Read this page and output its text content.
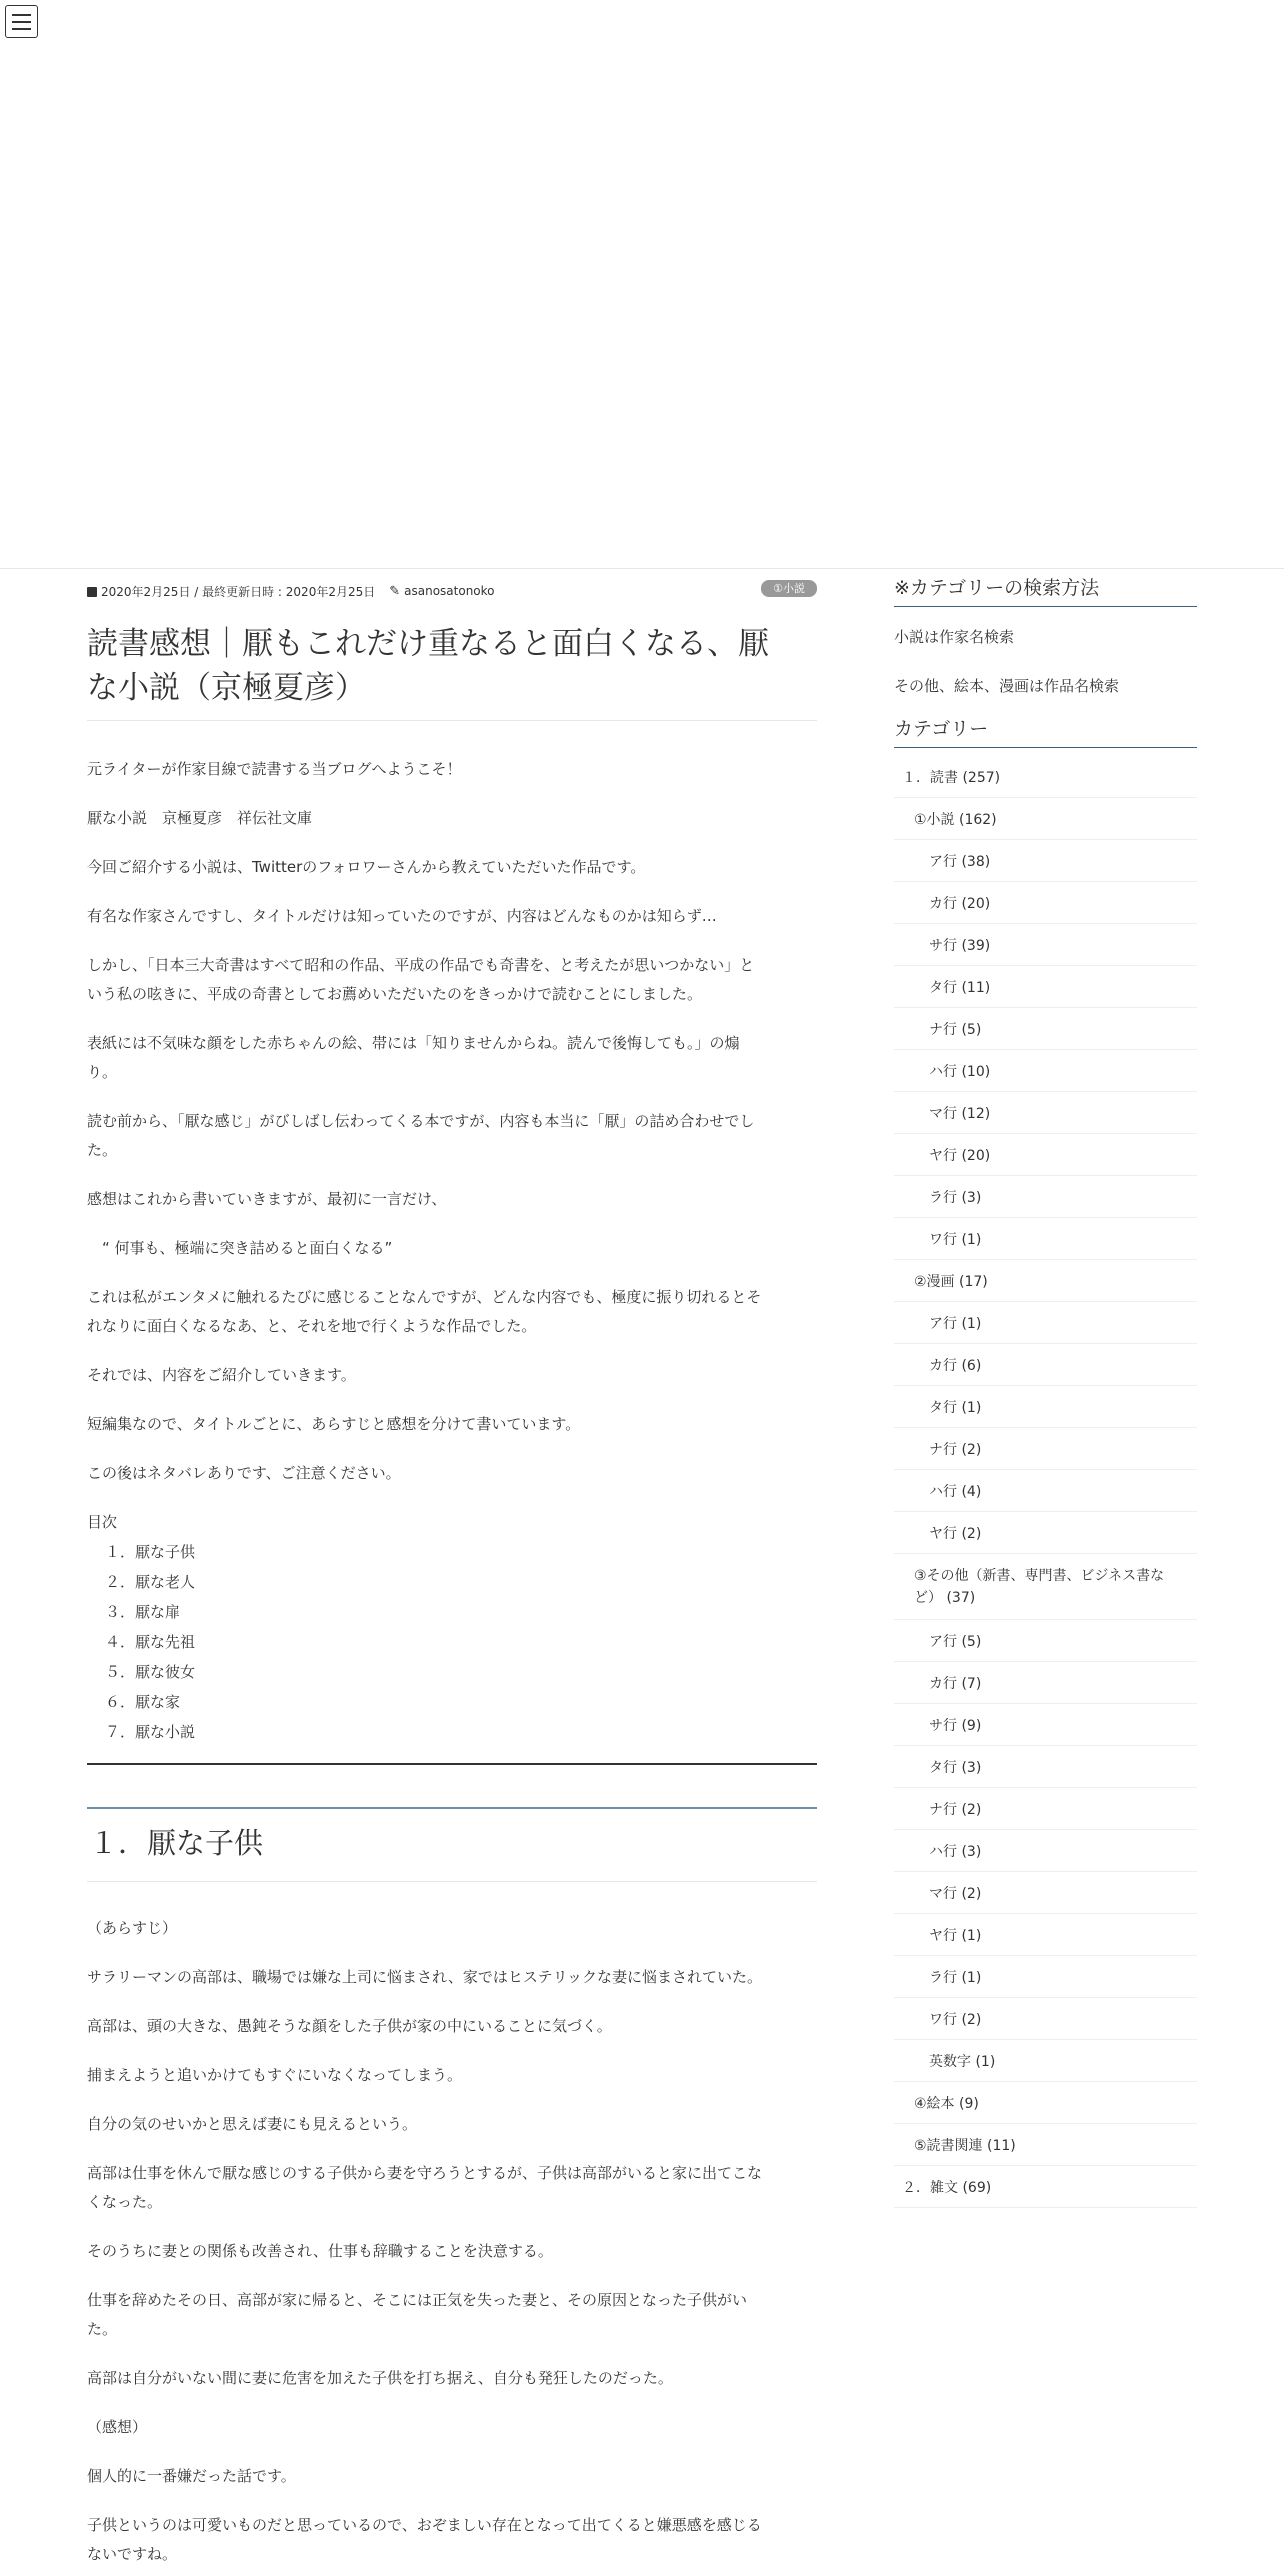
2020年2月25日 / 最終更新日時 : 2020年2月25日 ✎ asanosatonoko	①小説
読書感想｜厭もこれだけ重なると面白くなる、厭
な小説（京極夏彦）

元ライターが作家目線で読書する当ブログへようこそ！

厭な小説　京極夏彦　祥伝社文庫

今回ご紹介する小説は、Twitterのフォロワーさんから教えていただいた作品です。

有名な作家さんですし、タイトルだけは知っていたのですが、内容はどんなものかは知らず…

しかし、「日本三大奇書はすべて昭和の作品、平成の作品でも奇書を、と考えたが思いつかない」と
いう私の呟きに、平成の奇書としてお薦めいただいたのをきっかけで読むことにしました。

表紙には不気味な顔をした赤ちゃんの絵、帯には「知りませんからね。読んで後悔しても。」の煽
り。

読む前から、「厭な感じ」がびしばし伝わってくる本ですが、内容も本当に「厭」の詰め合わせでし
た。

感想はこれから書いていきますが、最初に一言だけ、

　“ 何事も、極端に突き詰めると面白くなる”

これは私がエンタメに触れるたびに感じることなんですが、どんな内容でも、極度に振り切れるとそ
れなりに面白くなるなあ、と、それを地で行くような作品でした。

それでは、内容をご紹介していきます。

短編集なので、タイトルごとに、あらすじと感想を分けて書いています。

この後はネタバレありです、ご注意ください。

目次
１．厭な子供
２．厭な老人
３．厭な扉
４．厭な先祖
５．厭な彼女
６．厭な家
７．厭な小説
１．厭な子供

（あらすじ）

サラリーマンの高部は、職場では嫌な上司に悩まされ、家ではヒステリックな妻に悩まされていた。

高部は、頭の大きな、愚鈍そうな顔をした子供が家の中にいることに気づく。

捕まえようと追いかけてもすぐにいなくなってしまう。

自分の気のせいかと思えば妻にも見えるという。

高部は仕事を休んで厭な感じのする子供から妻を守ろうとするが、子供は高部がいると家に出てこな
くなった。

そのうちに妻との関係も改善され、仕事も辞職することを決意する。

仕事を辞めたその日、高部が家に帰ると、そこには正気を失った妻と、その原因となった子供がい
た。

高部は自分がいない間に妻に危害を加えた子供を打ち据え、自分も発狂したのだった。

（感想）

個人的に一番嫌だった話です。

子供というのは可愛いものだと思っているので、おぞましい存在となって出てくると嫌悪感を感じる
ないですね。

※カテゴリーの検索方法
小説は作家名検索
その他、絵本、漫画は作品名検索
カテゴリー
１．読書 (257)
①小説 (162)
ア行 (38)
カ行 (20)
サ行 (39)
タ行 (11)
ナ行 (5)
ハ行 (10)
マ行 (12)
ヤ行 (20)
ラ行 (3)
ワ行 (1)
②漫画 (17)
ア行 (1)
カ行 (6)
タ行 (1)
ナ行 (2)
ハ行 (4)
ヤ行 (2)
③その他（新書、専門書、ビジネス書な
ど） (37)
ア行 (5)
カ行 (7)
サ行 (9)
タ行 (3)
ナ行 (2)
ハ行 (3)
マ行 (2)
ヤ行 (1)
ラ行 (1)
ワ行 (2)
英数字 (1)
④絵本 (9)
⑤読書関連 (11)
２．雑文 (69)
